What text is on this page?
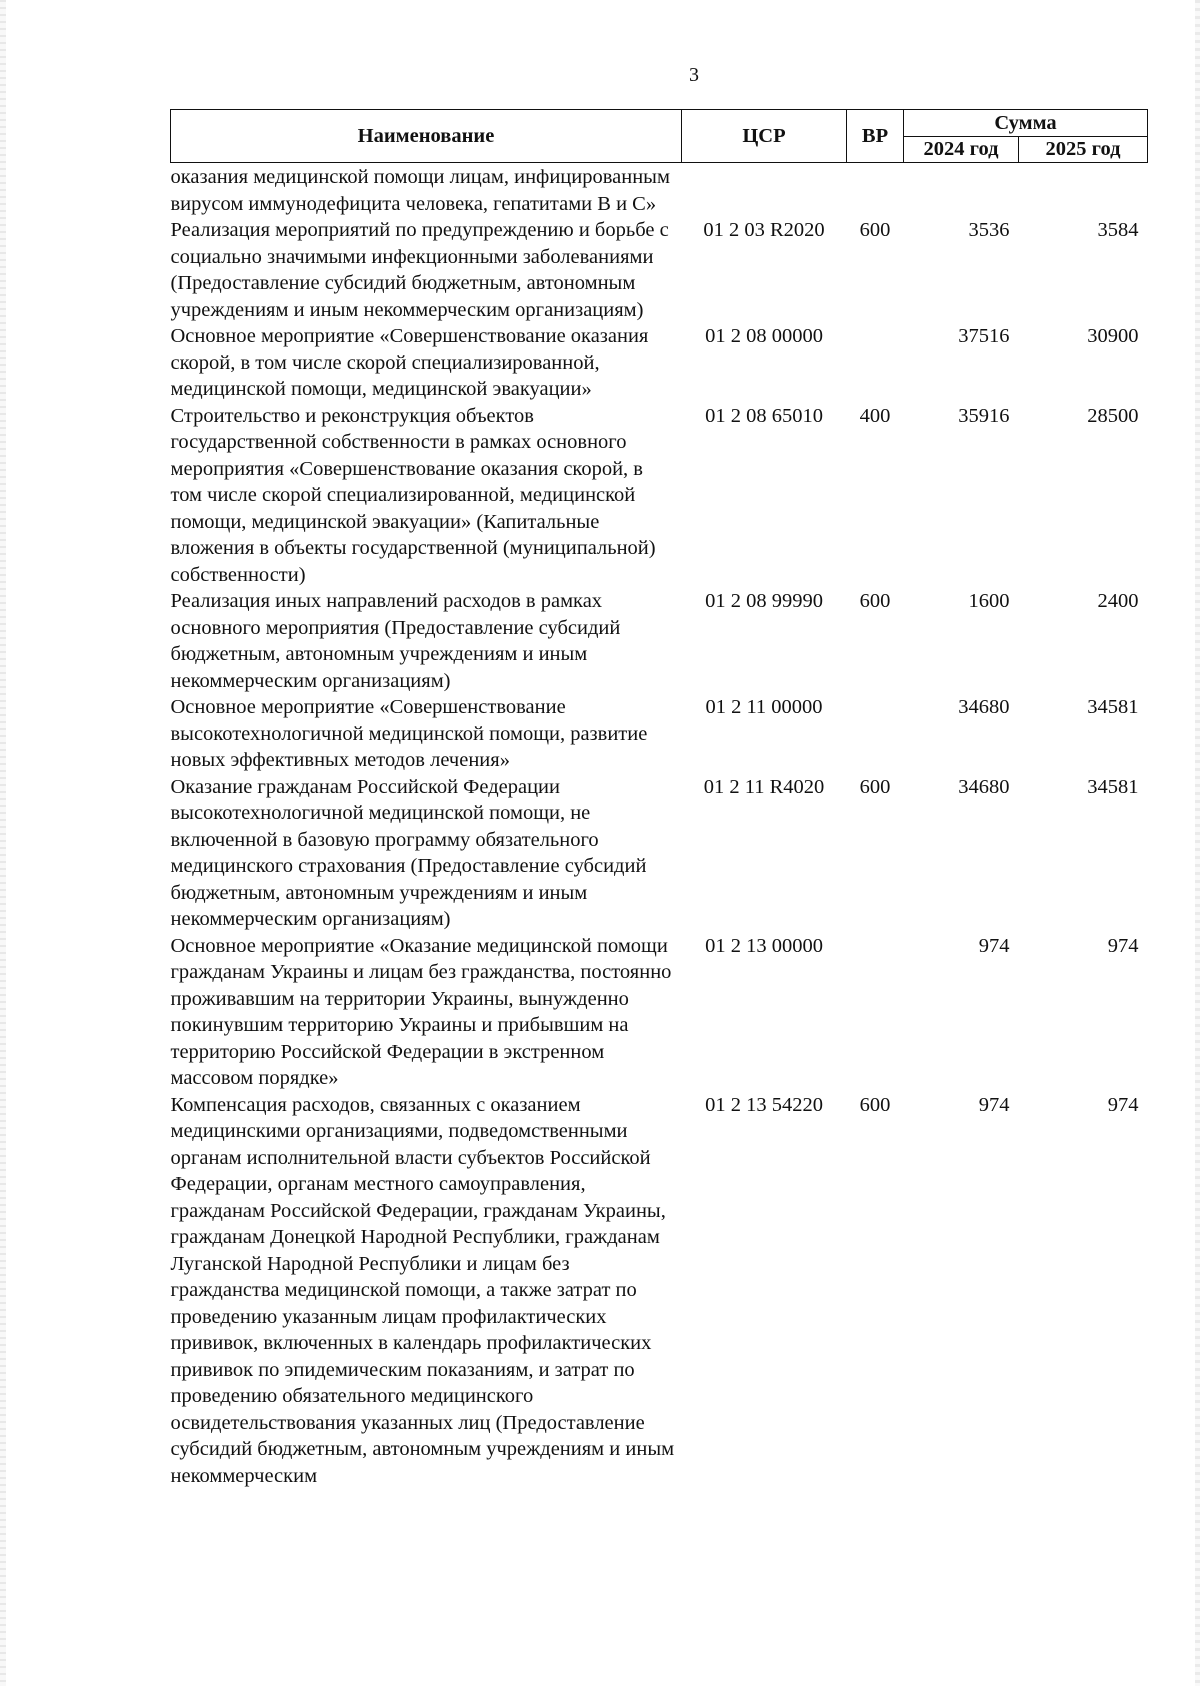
3
Наименование	ЦСР	ВР	Сумма	
			2024 год	2025 год
оказания медицинской помощи лицам, инфицированным вирусом иммунодефицита человека, гепатитами В и С»				
Реализация мероприятий по предупреждению и борьбе с социально значимыми инфекционными заболеваниями (Предоставление субсидий бюджетным, автономным учреждениям и иным некоммерческим организациям)	01 2 03 R2020	600	3536	3584
Основное мероприятие «Совершенствование оказания скорой, в том числе скорой специализированной, медицинской помощи, медицинской эвакуации»	01 2 08 00000		37516	30900
Строительство и реконструкция объектов государственной собственности в рамках основного мероприятия «Совершенствование оказания скорой, в том числе скорой специализированной, медицинской помощи, медицинской эвакуации» (Капитальные вложения в объекты государственной (муниципальной) собственности)	01 2 08 65010	400	35916	28500
Реализация иных направлений расходов в рамках основного мероприятия (Предоставление субсидий бюджетным, автономным учреждениям и иным некоммерческим организациям)	01 2 08 99990	600	1600	2400
Основное мероприятие «Совершенствование высокотехнологичной медицинской помощи, развитие новых эффективных методов лечения»	01 2 11 00000		34680	34581
Оказание гражданам Российской Федерации высокотехнологичной медицинской помощи, не включенной в базовую программу обязательного медицинского страхования (Предоставление субсидий бюджетным, автономным учреждениям и иным некоммерческим организациям)	01 2 11 R4020	600	34680	34581
Основное мероприятие «Оказание медицинской помощи гражданам Украины и лицам без гражданства, постоянно проживавшим на территории Украины, вынужденно покинувшим территорию Украины и прибывшим на территорию Российской Федерации в экстренном массовом порядке»	01 2 13 00000		974	974
Компенсация расходов, связанных с оказанием медицинскими организациями, подведомственными органам исполнительной власти субъектов Российской Федерации, органам местного самоуправления, гражданам Российской Федерации, гражданам Украины, гражданам Донецкой Народной Республики, гражданам Луганской Народной Республики и лицам без гражданства медицинской помощи, а также затрат по проведению указанным лицам профилактических прививок, включенных в календарь профилактических прививок по эпидемическим показаниям, и затрат по проведению обязательного медицинского освидетельствования указанных лиц (Предоставление субсидий бюджетным, автономным учреждениям и иным некоммерческим	01 2 13 54220	600	974	974
